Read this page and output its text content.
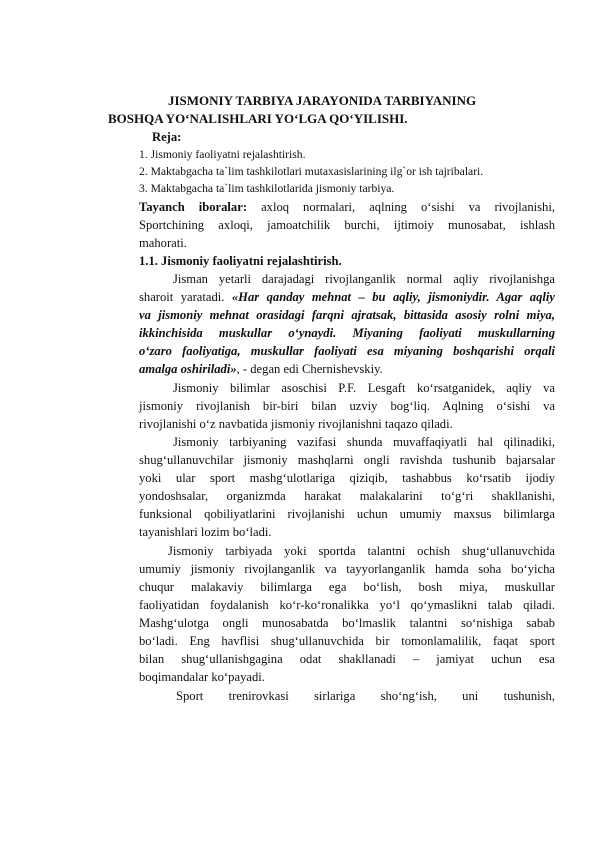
JISMONIY TARBIYA JARAYONIDA TARBIYANING
BOSHQA YO‘NALISHLARI YO‘LGA QO‘YILISHI.
Reja:
1. Jismoniy faoliyatni rejalashtirish.
2. Maktabgacha ta`lim tashkilotlari mutaxasislarining ilg`or ish tajribalari.
3. Maktabgacha ta`lim tashkilotlarida jismoniy tarbiya.
Tayanch iboralar: axloq normalari, aqlning o‘sishi va rivojlanishi,
Sportchining axloqi, jamoatchilik burchi, ijtimoiy munosabat, ishlash
mahorati.
1.1. Jismoniy faoliyatni rejalashtirish.
Jisman yetarli darajadagi rivojlanganlik normal aqliy rivojlanishga
sharoit yaratadi. «Har qanday mehnat – bu aqliy, jismoniydir. Agar aqliy
va jismoniy mehnat orasidagi farqni ajratsak, bittasida asosiy rolni miya,
ikkinchisida muskullar o‘ynaydi. Miyaning faoliyati muskullarning
o‘zaro faoliyatiga, muskullar faoliyati esa miyaning boshqarishi orqali
amalga oshiriladi», - degan edi Chernishevskiy.
Jismoniy bilimlar asoschisi P.F. Lesgaft ko‘rsatganidek, aqliy va
jismoniy rivojlanish bir-biri bilan uzviy bog‘liq. Aqlning o‘sishi va
rivojlanishi o‘z navbatida jismoniy rivojlanishni taqazo qiladi.
Jismoniy tarbiyaning vazifasi shunda muvaffaqiyatli hal qilinadiki,
shug‘ullanuvchilar jismoniy mashqlarni ongli ravishda tushunib bajarsalar
yoki ular sport mashg‘ulotlariga qiziqib, tashabbus ko‘rsatib ijodiy
yondoshsalar, organizmda harakat malakalarini to‘g‘ri shakllanishi,
funksional qobiliyatlarini rivojlanishi uchun umumiy maxsus bilimlarga
tayanishlari lozim bo‘ladi.
Jismoniy tarbiyada yoki sportda talantni ochish shug‘ullanuvchida
umumiy jismoniy rivojlanganlik va tayyorlanganlik hamda soha bo‘yicha
chuqur malakaviy bilimlarga ega bo‘lish, bosh miya, muskullar
faoliyatidan foydalanish ko‘r-ko‘ronalikka yo‘l qo‘ymaslikni talab qiladi.
Mashg‘ulotga ongli munosabatda bo‘lmaslik talantni so‘nishiga sabab
bo‘ladi. Eng havflisi shug‘ullanuvchida bir tomonlamalilik, faqat sport
bilan shug‘ullanishgagina odat shakllanadi – jamiyat uchun esa
boqimandalar ko‘payadi.
Sport trenirovkasi sirlariga sho‘ng‘ish, uni tushunish,
